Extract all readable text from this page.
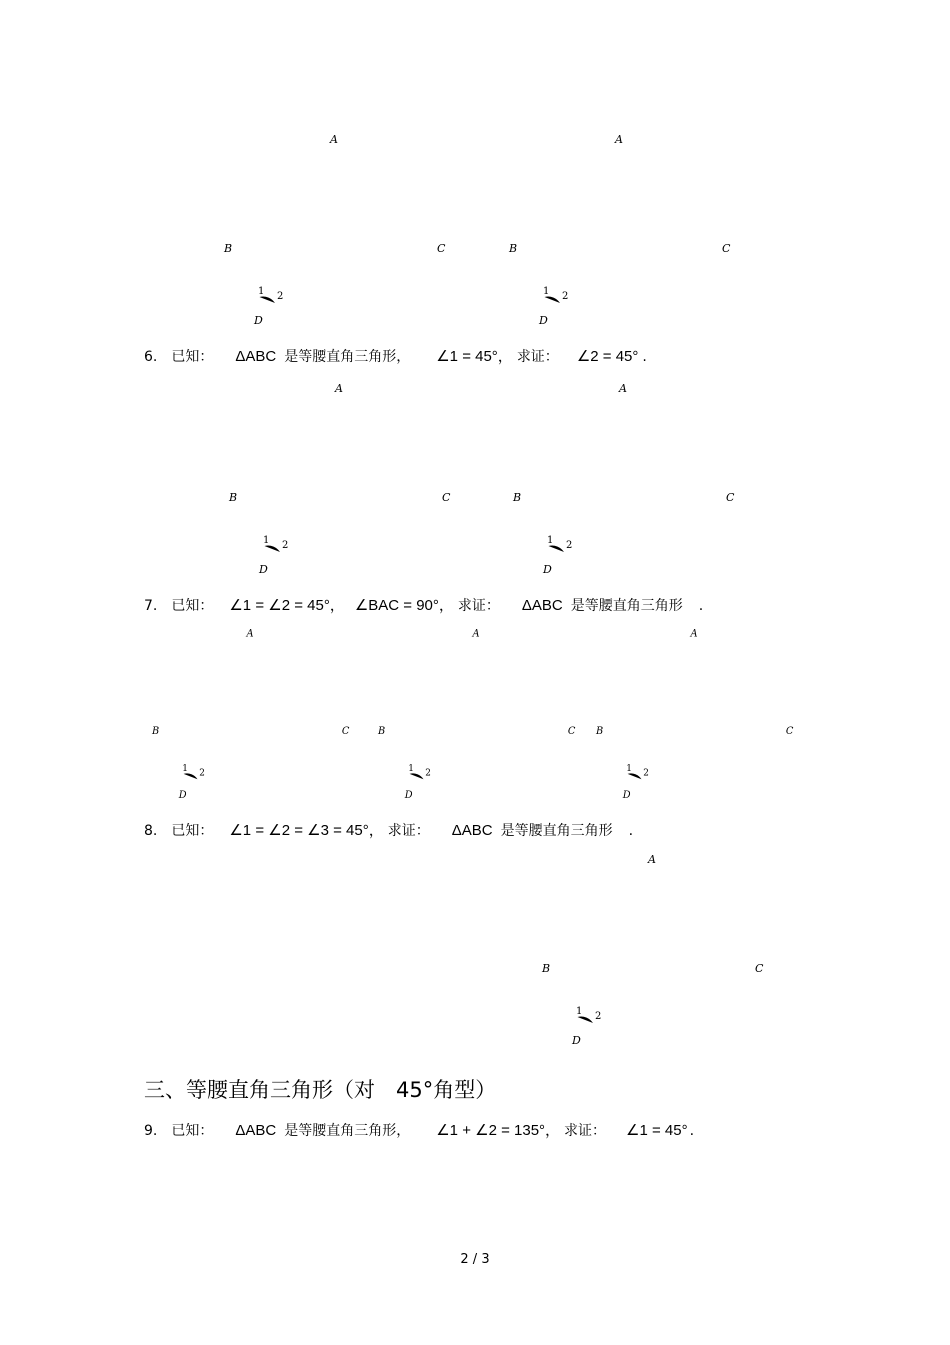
A
B	C
D
1 2
A
B	C
D
1 2
6. 已知： ΔABC 是等腰直角三角形， ∠1 = 45°， 求证： ∠2 = 45° .
A
B	C
D
1 2
A
B	C
D
1 2
7. 已知： ∠1 = ∠2 = 45°， ∠BAC = 90°， 求证： ΔABC 是等腰直角三角形 .
A
B	C
D
1 2
A
B	C
D
1 2
A
B	C
D
1 2
8. 已知： ∠1 = ∠2 = ∠3 = 45°， 求证： ΔABC 是等腰直角三角形 .
A
B	C
D
1 2
三、等腰直角三角形（对　45°角型）
9. 已知： ΔABC 是等腰直角三角形， ∠1 + ∠2 = 135°， 求证： ∠1 = 45° .
2 / 3
